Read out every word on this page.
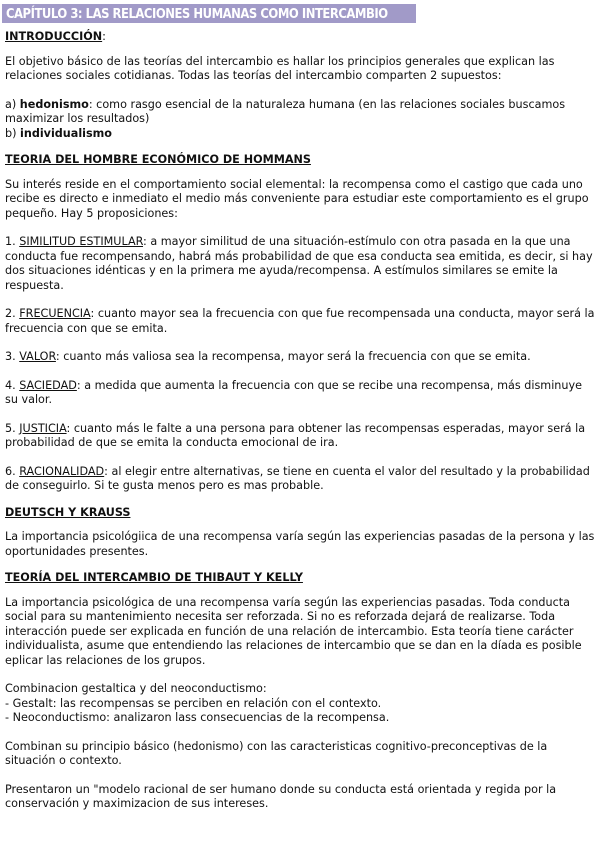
CAPÍTULO 3: LAS RELACIONES HUMANAS COMO INTERCAMBIO

INTRODUCCIÓN:

El objetivo básico de las teorías del intercambio es hallar los principios generales que explican las relaciones sociales cotidianas. Todas las teorías del intercambio comparten 2 supuestos:

a) hedonismo: como rasgo esencial de la naturaleza humana (en las relaciones sociales buscamos maximizar los resultados)

b) individualismo

TEORIA DEL HOMBRE ECONÓMICO DE HOMMANS

Su interés reside en el comportamiento social elemental: la recompensa como el castigo que cada uno recibe es directo e inmediato el medio más conveniente para estudiar este comportamiento es el grupo pequeño. Hay 5 proposiciones:

1. SIMILITUD ESTIMULAR: a mayor similitud de una situación-estímulo con otra pasada en la que una conducta fue recompensando, habrá más probabilidad de que esa conducta sea emitida, es decir, si hay dos situaciones idénticas y en la primera me ayuda/recompensa. A estímulos similares se emite la respuesta.

2. FRECUENCIA: cuanto mayor sea la frecuencia con que fue recompensada una conducta, mayor será la frecuencia con que se emita.

3. VALOR: cuanto más valiosa sea la recompensa, mayor será la frecuencia con que se emita.

4. SACIEDAD: a medida que aumenta la frecuencia con que se recibe una recompensa, más disminuye su valor.

5. JUSTICIA: cuanto más le falte a una persona para obtener las recompensas esperadas, mayor será la probabilidad de que se emita la conducta emocional de ira.

6. RACIONALIDAD: al elegir entre alternativas, se tiene en cuenta el valor del resultado y la probabilidad de conseguirlo. Si te gusta menos pero es mas probable.

DEUTSCH Y KRAUSS

La importancia psicológiica de una recompensa varía según las experiencias pasadas de la persona y las oportunidades presentes.

TEORÍA DEL INTERCAMBIO DE THIBAUT Y KELLY

La importancia psicológica de una recompensa varía según las experiencias pasadas. Toda conducta social para su mantenimiento necesita ser reforzada. Si no es reforzada dejará de realizarse. Toda interacción puede ser explicada en función de una relación de intercambio. Esta teoría tiene carácter individualista, asume que entendiendo las relaciones de intercambio que se dan en la díada es posible eplicar las relaciones de los grupos.

Combinacion gestaltica y del neoconductismo:

- Gestalt: las recompensas se perciben en relación con el contexto.

- Neoconductismo: analizaron lass consecuencias de la recompensa.

Combinan su principio básico (hedonismo) con las caracteristicas cognitivo-preconceptivas de la situación o contexto.

Presentaron un "modelo racional de ser humano donde su conducta está orientada y regida por la conservación y maximizacion de sus intereses.
